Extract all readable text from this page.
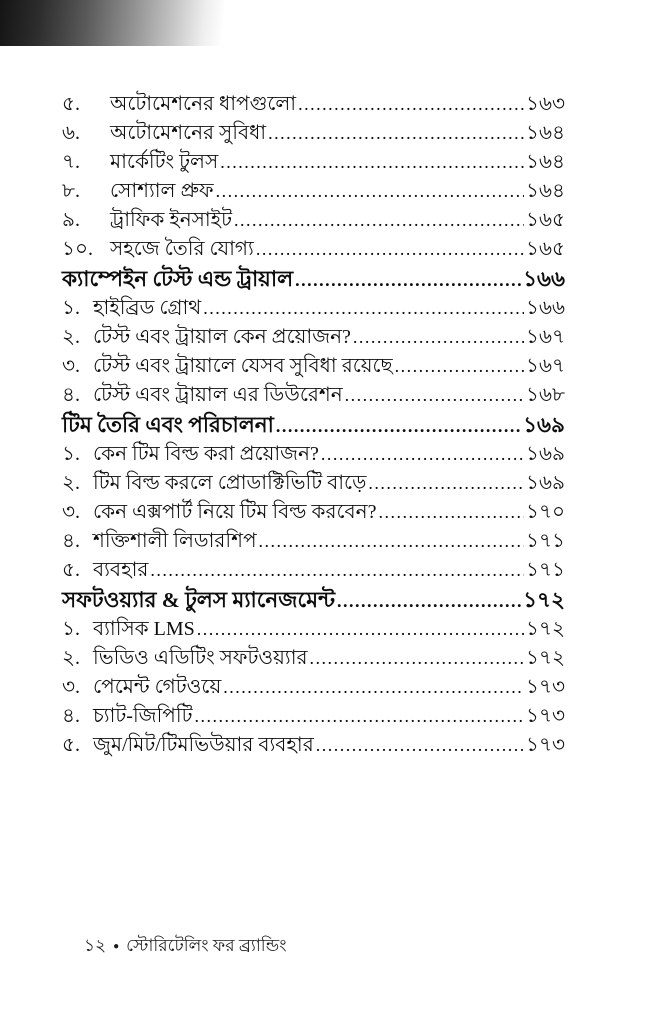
৫.	অটোমেশনের ধাপগুলো .....	১৬৩
৬.	অটোমেশনের সুবিধা .....	১৬৪
৭.	মার্কেটিং টুলস .....	১৬৪
৮.	সোশ্যাল প্রুফ .....	১৬৪
৯.	ট্রাফিক ইনসাইট .....	১৬৫
১০. সহজে তৈরি যোগ্য .....	১৬৫
ক্যাম্পেইন টেস্ট এন্ড ট্রায়াল .....	১৬৬
১. হাইব্রিড গ্রোথ .....	১৬৬
২. টেস্ট এবং ট্রায়াল কেন প্রয়োজন? .....	১৬৭
৩. টেস্ট এবং ট্রায়ালে যেসব সুবিধা রয়েছে .....	১৬৭
৪. টেস্ট এবং ট্রায়াল এর ডিউরেশন .....	১৬৮
টিম তৈরি এবং পরিচালনা .....	১৬৯
১. কেন টিম বিল্ড করা প্রয়োজন? .....	১৬৯
২. টিম বিল্ড করলে প্রোডাক্টিভিটি বাড়ে .....	১৬৯
৩. কেন এক্সপার্ট নিয়ে টিম বিল্ড করবেন? .....	১৭০
৪. শক্তিশালী লিডারশিপ .....	১৭১
৫. ব্যবহার .....	১৭১
সফটওয়্যার & টুলস ম্যানেজমেন্ট .....	১৭২
১. ব্যাসিক LMS .....	১৭২
২. ভিডিও এডিটিং সফটওয়্যার .....	১৭২
৩. পেমেন্ট গেটওয়ে .....	১৭৩
৪. চ্যাট-জিপিটি .....	১৭৩
৫. জুম/মিট/টিমভিউয়ার ব্যবহার .....	১৭৩
১২ ● স্টোরিটেলিং ফর ব্র্যান্ডিং
